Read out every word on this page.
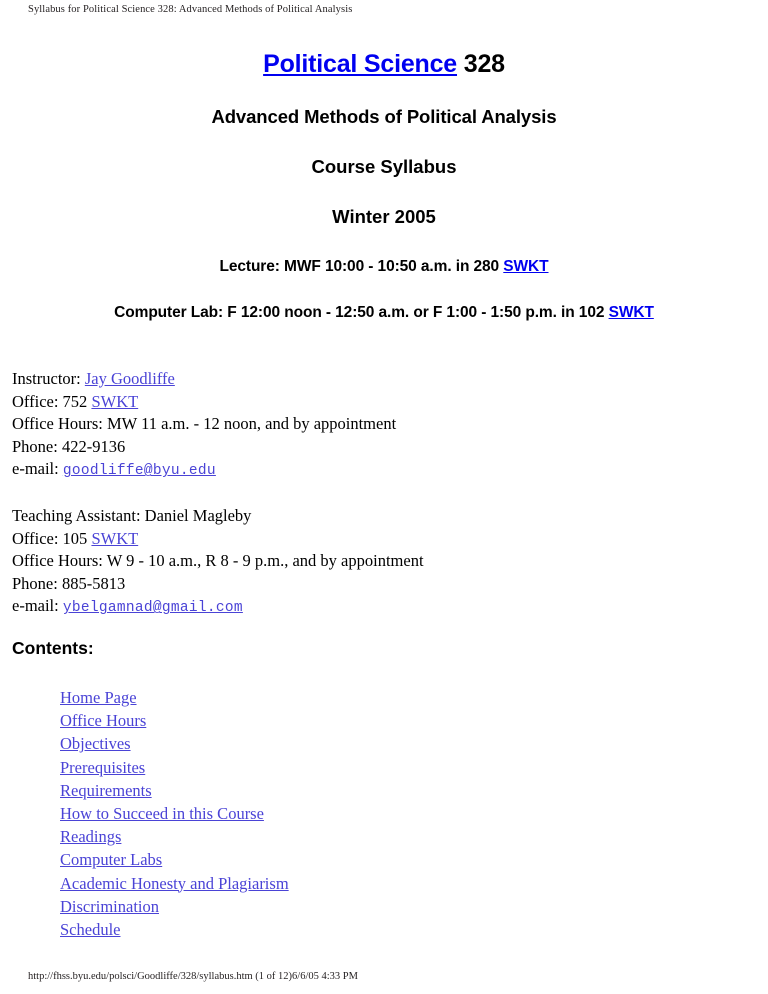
Syllabus for Political Science 328: Advanced Methods of Political Analysis
Political Science 328
Advanced Methods of Political Analysis
Course Syllabus
Winter 2005
Lecture: MWF 10:00 - 10:50 a.m. in 280 SWKT
Computer Lab: F 12:00 noon - 12:50 a.m. or F 1:00 - 1:50 p.m. in 102 SWKT
Instructor: Jay Goodliffe
Office: 752 SWKT
Office Hours: MW 11 a.m. - 12 noon, and by appointment
Phone: 422-9136
e-mail: goodliffe@byu.edu
Teaching Assistant: Daniel Magleby
Office: 105 SWKT
Office Hours: W 9 - 10 a.m., R 8 - 9 p.m., and by appointment
Phone: 885-5813
e-mail: ybelgamnad@gmail.com
Contents:
Home Page
Office Hours
Objectives
Prerequisites
Requirements
How to Succeed in this Course
Readings
Computer Labs
Academic Honesty and Plagiarism
Discrimination
Schedule
http://fhss.byu.edu/polsci/Goodliffe/328/syllabus.htm (1 of 12)6/6/05 4:33 PM
